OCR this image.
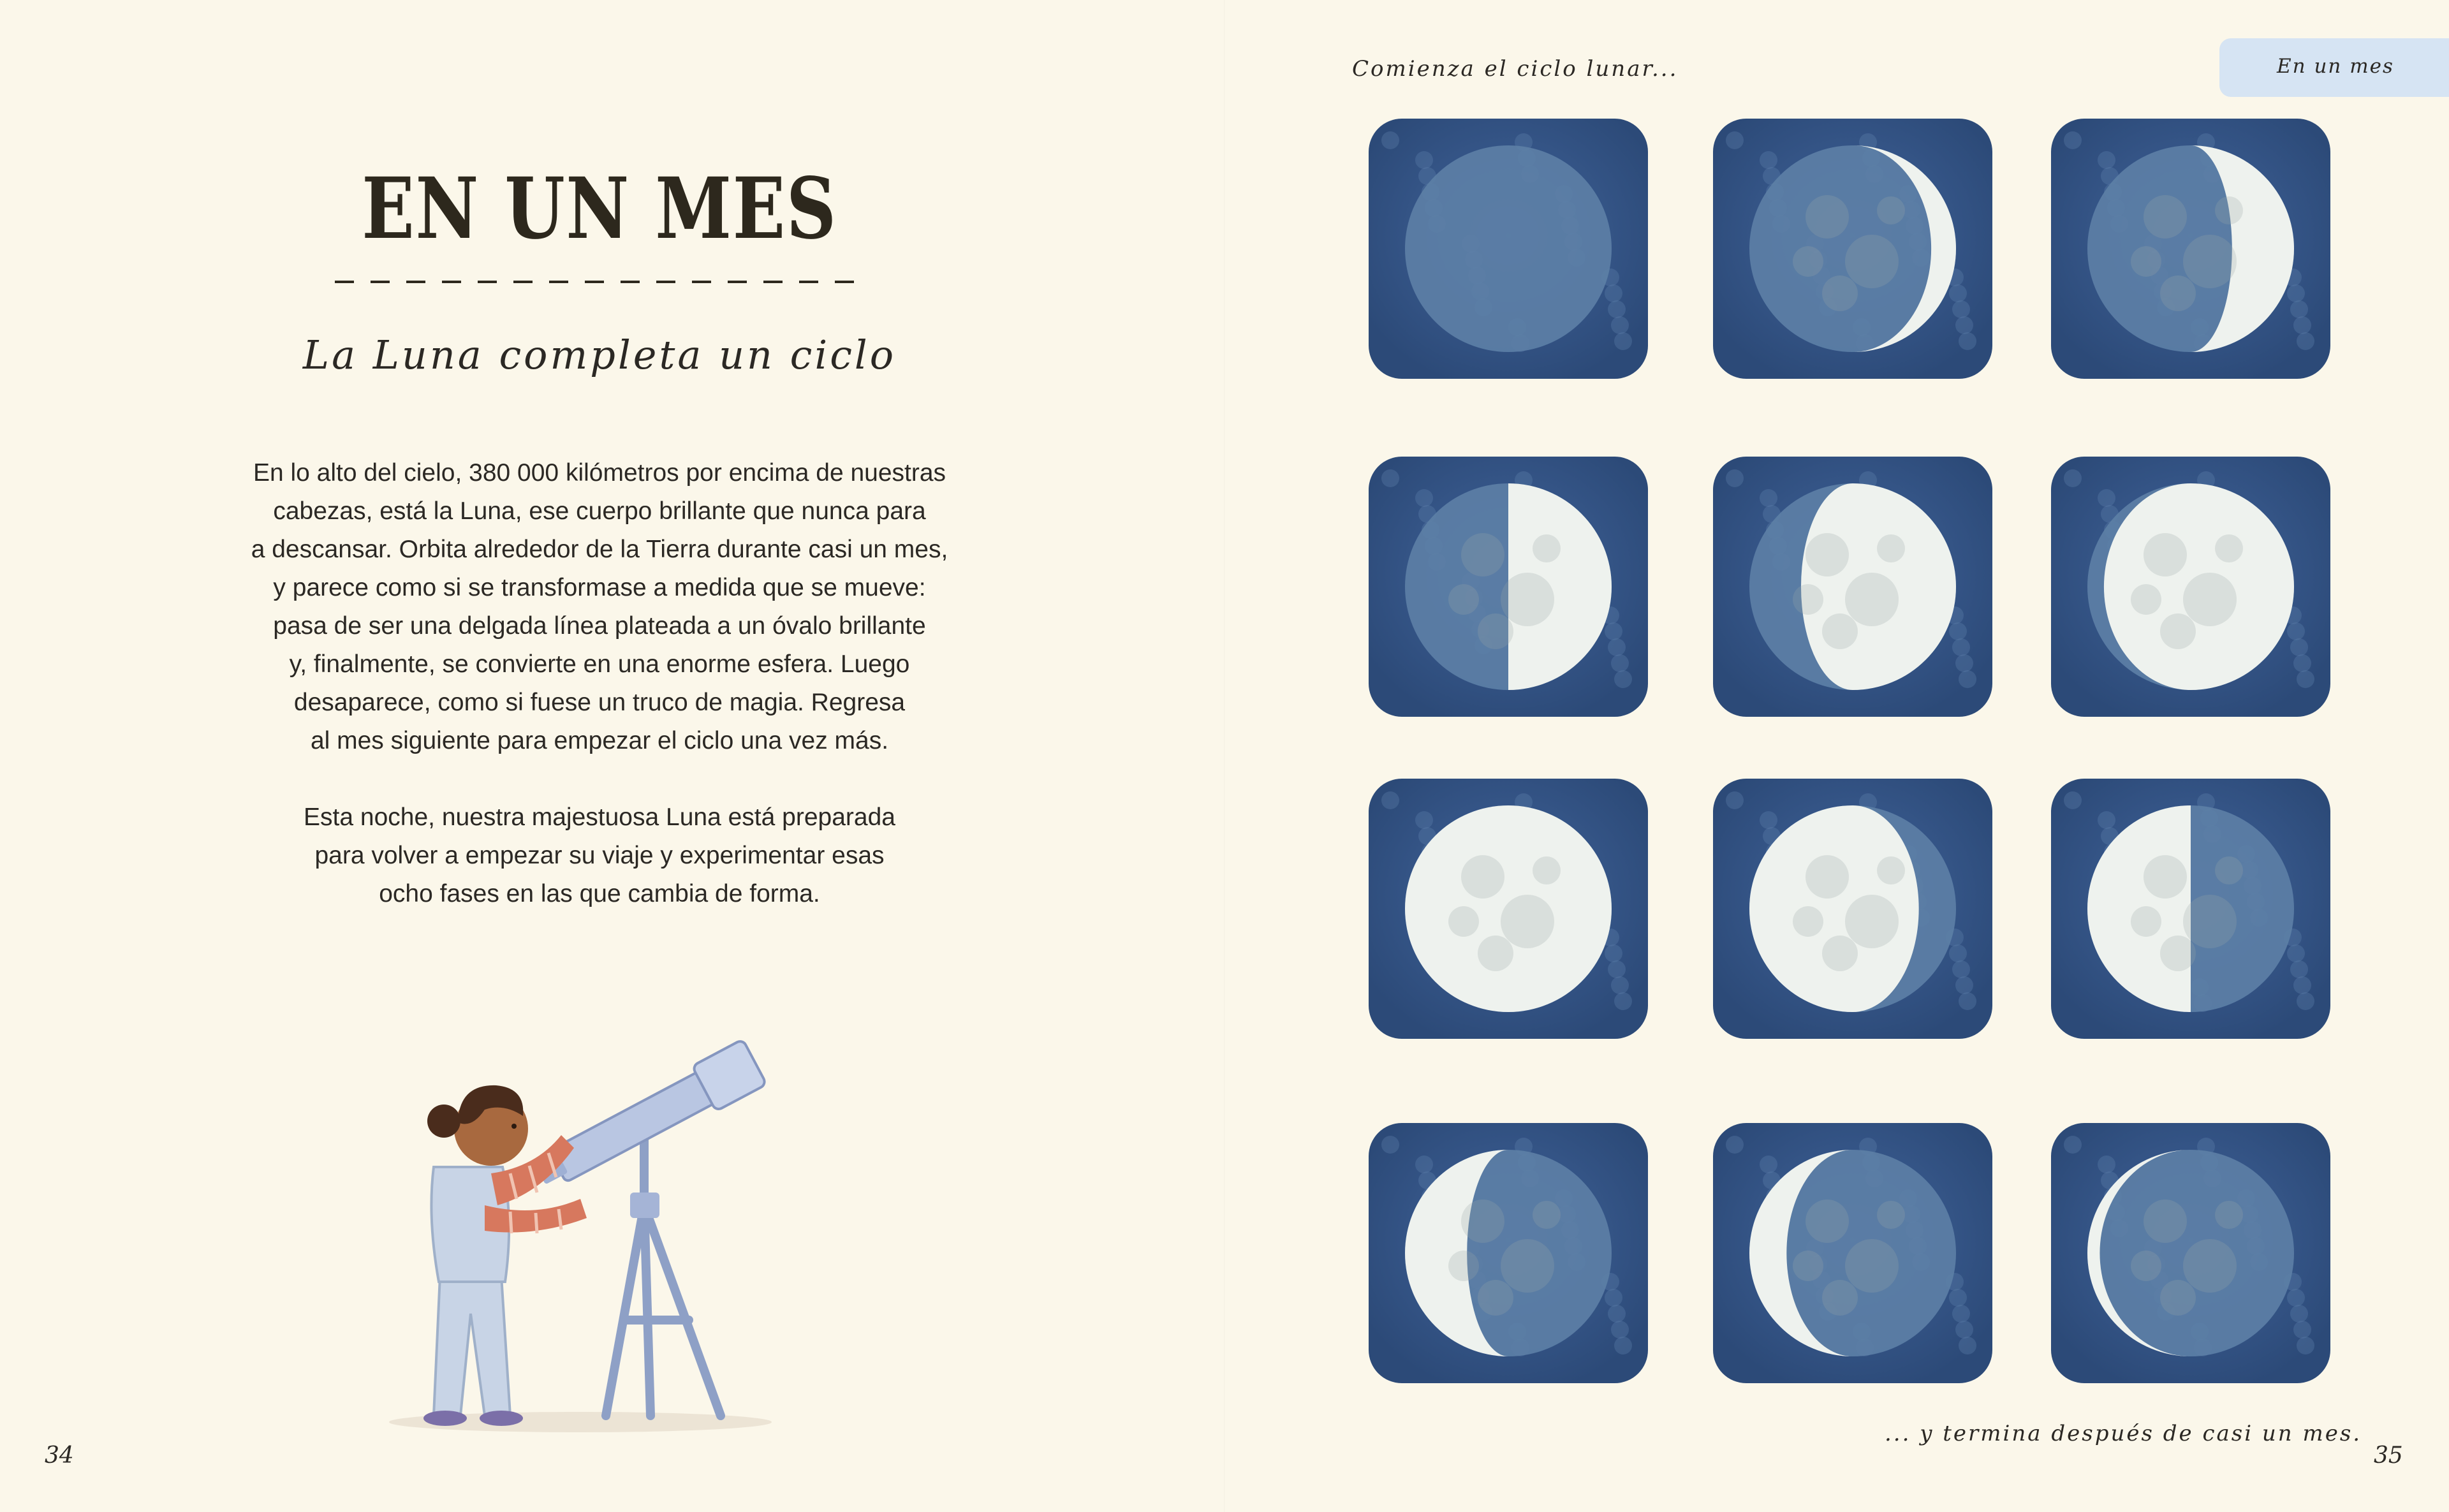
EN UN MES
La Luna completa un ciclo

En lo alto del cielo, 380 000 kilómetros por encima de nuestras
cabezas, está la Luna, ese cuerpo brillante que nunca para
a descansar. Orbita alrededor de la Tierra durante casi un mes,
y parece como si se transformase a medida que se mueve:
pasa de ser una delgada línea plateada a un óvalo brillante
y, finalmente, se convierte en una enorme esfera. Luego
desaparece, como si fuese un truco de magia. Regresa
al mes siguiente para empezar el ciclo una vez más.

Esta noche, nuestra majestuosa Luna está preparada
para volver a empezar su viaje y experimentar esas
ocho fases en las que cambia de forma.

34
Comienza el ciclo lunar...	En un mes
... y termina después de casi un mes.
35
